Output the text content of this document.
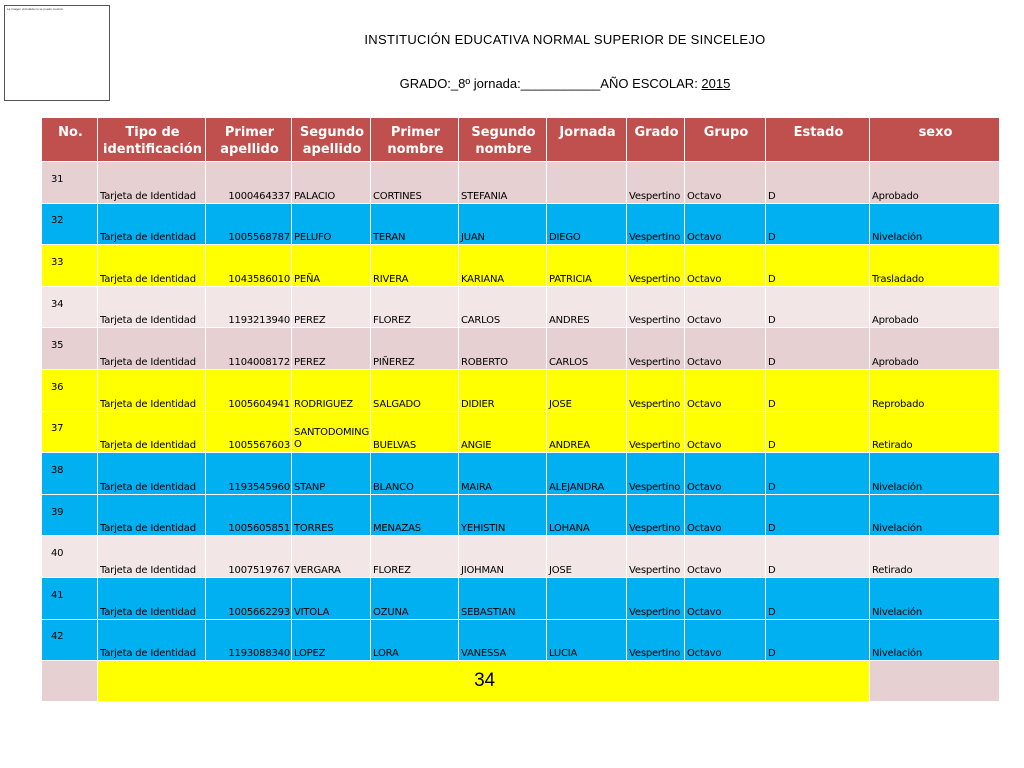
La imagen vinculada no se puede mostrar.
INSTITUCIÓN EDUCATIVA NORMAL SUPERIOR DE SINCELEJO
GRADO:_8º jornada:___________AÑO ESCOLAR: 2015
No.	Tipo de identificación	Primer apellido	Segundo apellido	Primer nombre	Segundo nombre	Jornada	Grado	Grupo	Estado	sexo
31	Tarjeta de Identidad	1000464337	PALACIO	CORTINES	STEFANIA		Vespertino	Octavo	D	Aprobado
32	Tarjeta de Identidad	1005568787	PELUFO	TERAN	JUAN	DIEGO	Vespertino	Octavo	D	Nivelación
33	Tarjeta de Identidad	1043586010	PEÑA	RIVERA	KARIANA	PATRICIA	Vespertino	Octavo	D	Trasladado
34	Tarjeta de Identidad	1193213940	PEREZ	FLOREZ	CARLOS	ANDRES	Vespertino	Octavo	D	Aprobado
35	Tarjeta de Identidad	1104008172	PEREZ	PIÑEREZ	ROBERTO	CARLOS	Vespertino	Octavo	D	Aprobado
36	Tarjeta de Identidad	1005604941	RODRIGUEZ	SALGADO	DIDIER	JOSE	Vespertino	Octavo	D	Reprobado
37	Tarjeta de Identidad	1005567603	SANTODOMING O	BUELVAS	ANGIE	ANDREA	Vespertino	Octavo	D	Retirado
38	Tarjeta de Identidad	1193545960	STANP	BLANCO	MAIRA	ALEJANDRA	Vespertino	Octavo	D	Nivelación
39	Tarjeta de Identidad	1005605851	TORRES	MENAZAS	YEHISTIN	LOHANA	Vespertino	Octavo	D	Nivelación
40	Tarjeta de Identidad	1007519767	VERGARA	FLOREZ	JIOHMAN	JOSE	Vespertino	Octavo	D	Retirado
41	Tarjeta de Identidad	1005662293	VITOLA	OZUNA	SEBASTIAN		Vespertino	Octavo	D	Nivelación
42	Tarjeta de Identidad	1193088340	LOPEZ	LORA	VANESSA	LUCIA	Vespertino	Octavo	D	Nivelación
	34									
